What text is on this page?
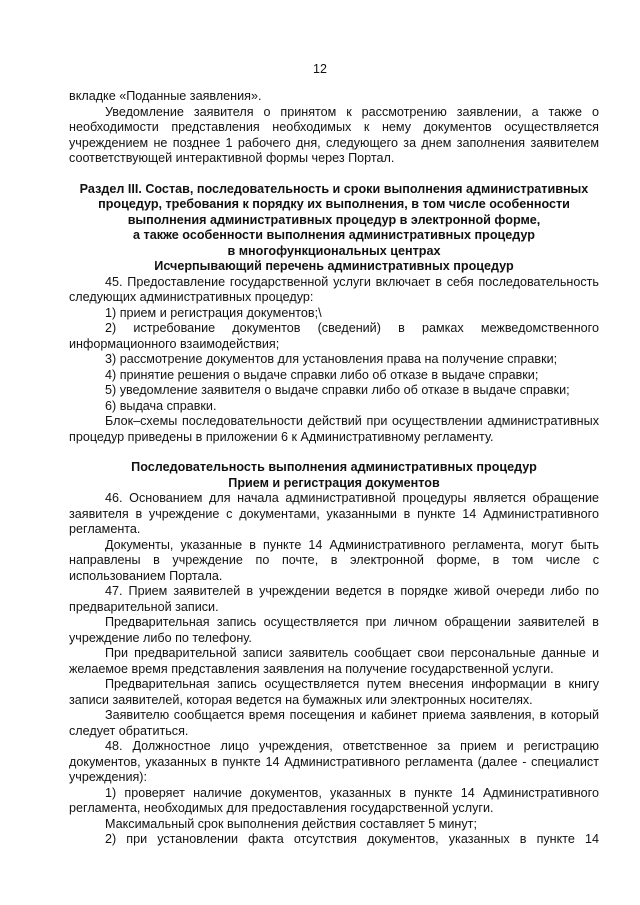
12

вкладке «Поданные заявления».

Уведомление заявителя о принятом к рассмотрению заявлении, а также о необходимости представления необходимых к нему документов осуществляется учреждением не позднее 1 рабочего дня, следующего за днем заполнения заявителем соответствующей интерактивной формы через Портал.

Раздел III. Состав, последовательность и сроки выполнения административных

процедур, требования к порядку их выполнения, в том числе особенности

выполнения административных процедур в электронной форме,

а также особенности выполнения административных процедур

в многофункциональных центрах

Исчерпывающий перечень административных процедур

45. Предоставление государственной услуги включает в себя последовательность следующих административных процедур:

1) прием и регистрация документов;\

2) истребование документов (сведений) в рамках межведомственного информационного взаимодействия;

3) рассмотрение документов для установления права на получение справки;

4) принятие решения о выдаче справки либо об отказе в выдаче справки;

5) уведомление заявителя о выдаче справки либо об отказе в выдаче справки;

6) выдача справки.

Блок–схемы последовательности действий при осуществлении административных процедур приведены в приложении 6 к Административному регламенту.

Последовательность выполнения административных процедур

Прием и регистрация документов

46. Основанием для начала административной процедуры является обращение заявителя в учреждение с документами, указанными в пункте 14 Административного регламента.

Документы, указанные в пункте 14 Административного регламента, могут быть направлены в учреждение по почте, в электронной форме, в том числе с использованием Портала.

47. Прием заявителей в учреждении ведется в порядке живой очереди либо по предварительной записи.

Предварительная запись осуществляется при личном обращении заявителей в учреждение либо по телефону.

При предварительной записи заявитель сообщает свои персональные данные и желаемое время представления заявления на получение государственной услуги.

Предварительная запись осуществляется путем внесения информации в книгу записи заявителей, которая ведется на бумажных или электронных носителях.

Заявителю сообщается время посещения и кабинет приема заявления, в который следует обратиться.

48. Должностное лицо учреждения, ответственное за прием и регистрацию документов, указанных в пункте 14 Административного регламента (далее - специалист учреждения):

1) проверяет наличие документов, указанных в пункте 14 Административного регламента, необходимых для предоставления государственной услуги.

Максимальный срок выполнения действия составляет 5 минут;

2) при установлении факта отсутствия документов, указанных в пункте 14
